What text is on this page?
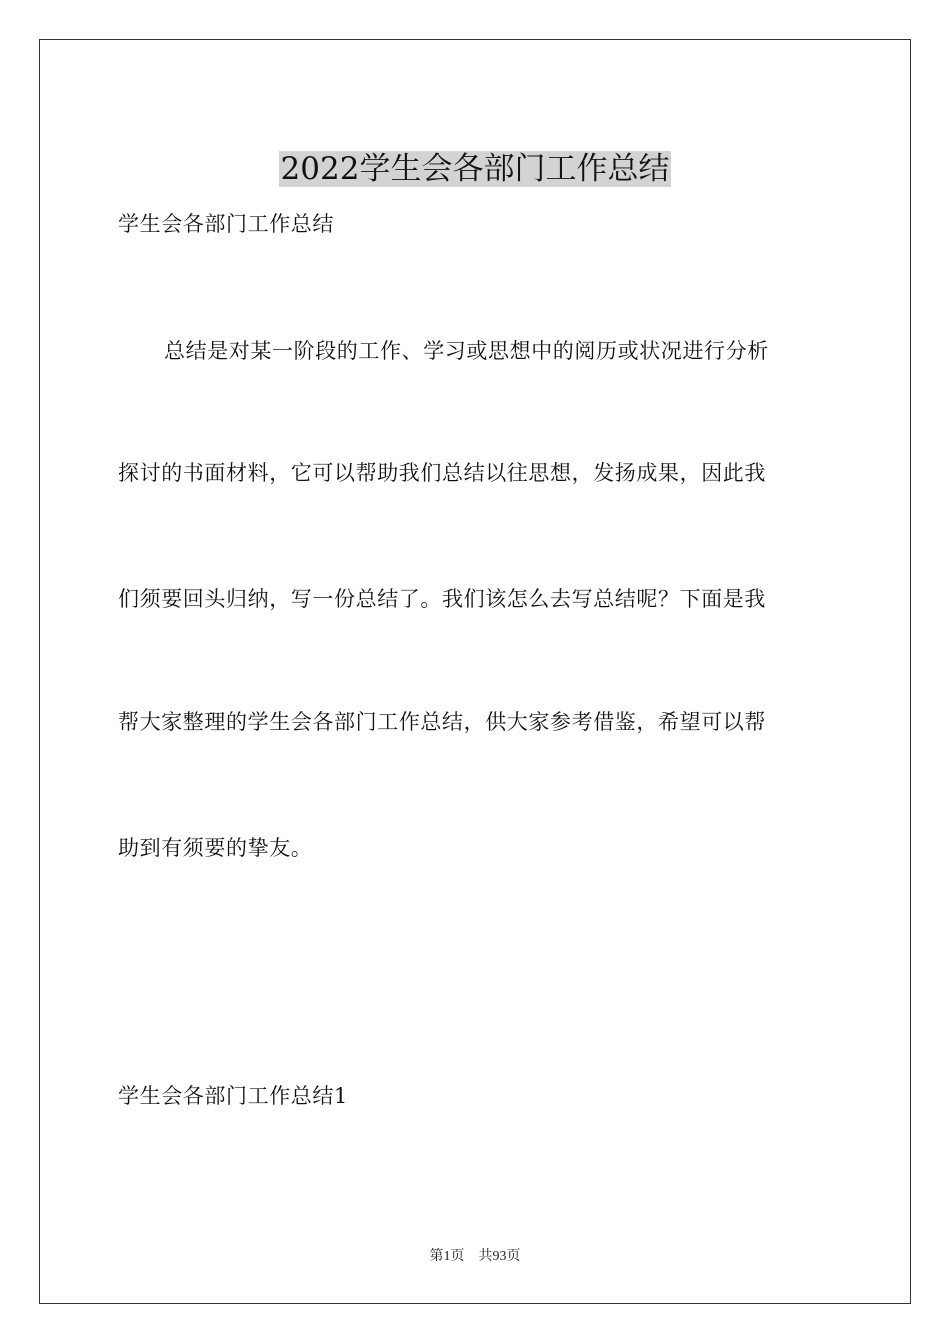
2022学生会各部门工作总结
学生会各部门工作总结
总结是对某一阶段的工作、学习或思想中的阅历或状况进行分析
探讨的书面材料，它可以帮助我们总结以往思想，发扬成果，因此我
们须要回头归纳，写一份总结了。我们该怎么去写总结呢？下面是我
帮大家整理的学生会各部门工作总结，供大家参考借鉴，希望可以帮
助到有须要的挚友。
学生会各部门工作总结1
第1页 共93页
